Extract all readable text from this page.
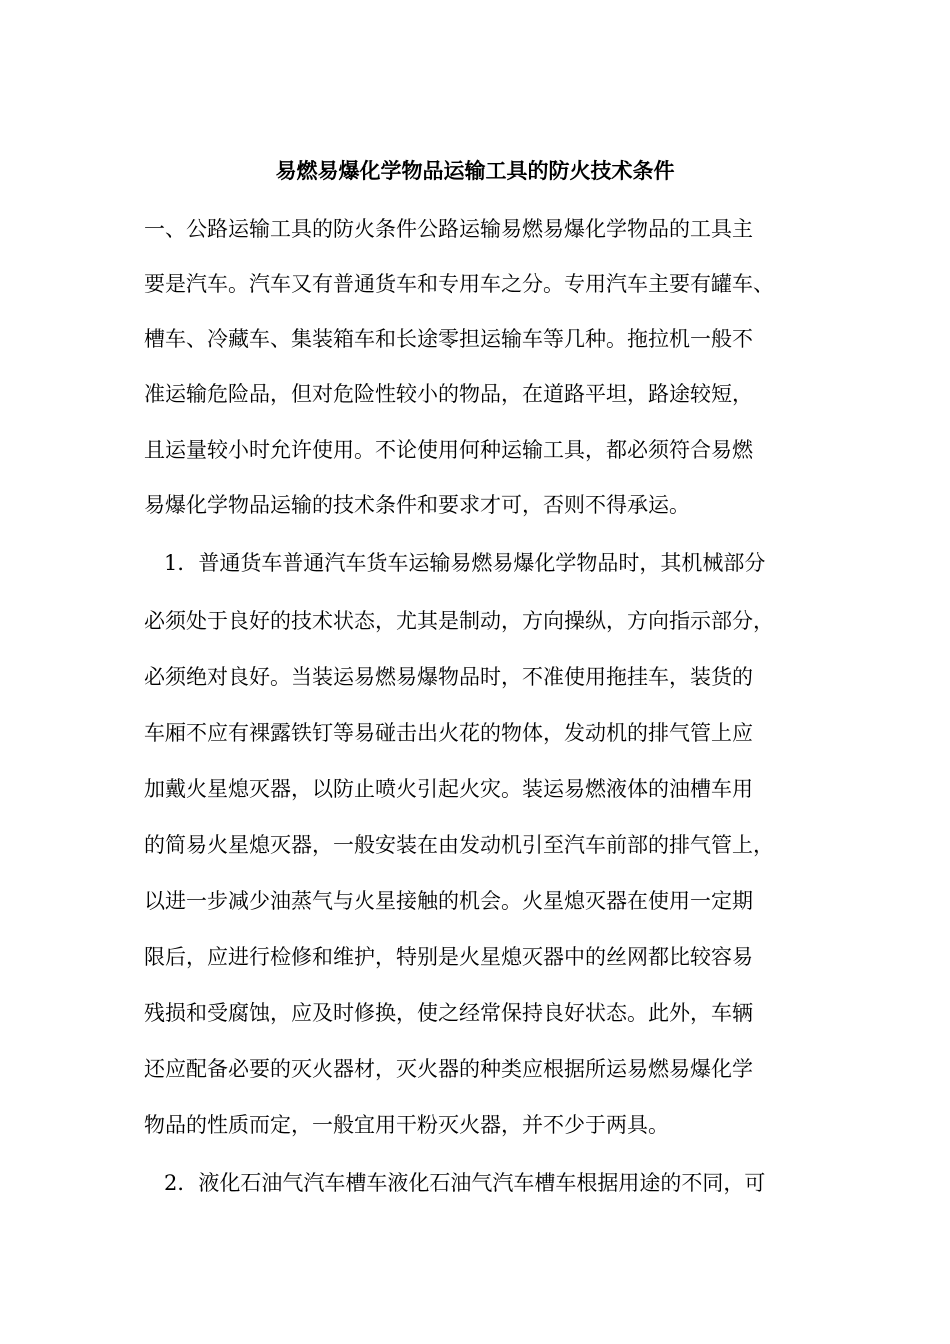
易燃易爆化学物品运输工具的防火技术条件

一、公路运输工具的防火条件公路运输易燃易爆化学物品的工具主

要是汽车。汽车又有普通货车和专用车之分。专用汽车主要有罐车、

槽车、冷藏车、集装箱车和长途零担运输车等几种。拖拉机一般不

准运输危险品，但对危险性较小的物品，在道路平坦，路途较短，

且运量较小时允许使用。不论使用何种运输工具，都必须符合易燃

易爆化学物品运输的技术条件和要求才可，否则不得承运。

1．普通货车普通汽车货车运输易燃易爆化学物品时，其机械部分

必须处于良好的技术状态，尤其是制动，方向操纵，方向指示部分，

必须绝对良好。当装运易燃易爆物品时，不准使用拖挂车，装货的

车厢不应有裸露铁钉等易碰击出火花的物体，发动机的排气管上应

加戴火星熄灭器，以防止喷火引起火灾。装运易燃液体的油槽车用

的简易火星熄灭器，一般安装在由发动机引至汽车前部的排气管上，

以进一步减少油蒸气与火星接触的机会。火星熄灭器在使用一定期

限后，应进行检修和维护，特别是火星熄灭器中的丝网都比较容易

残损和受腐蚀，应及时修换，使之经常保持良好状态。此外，车辆

还应配备必要的灭火器材，灭火器的种类应根据所运易燃易爆化学

物品的性质而定，一般宜用干粉灭火器，并不少于两具。

2．液化石油气汽车槽车液化石油气汽车槽车根据用途的不同，可
